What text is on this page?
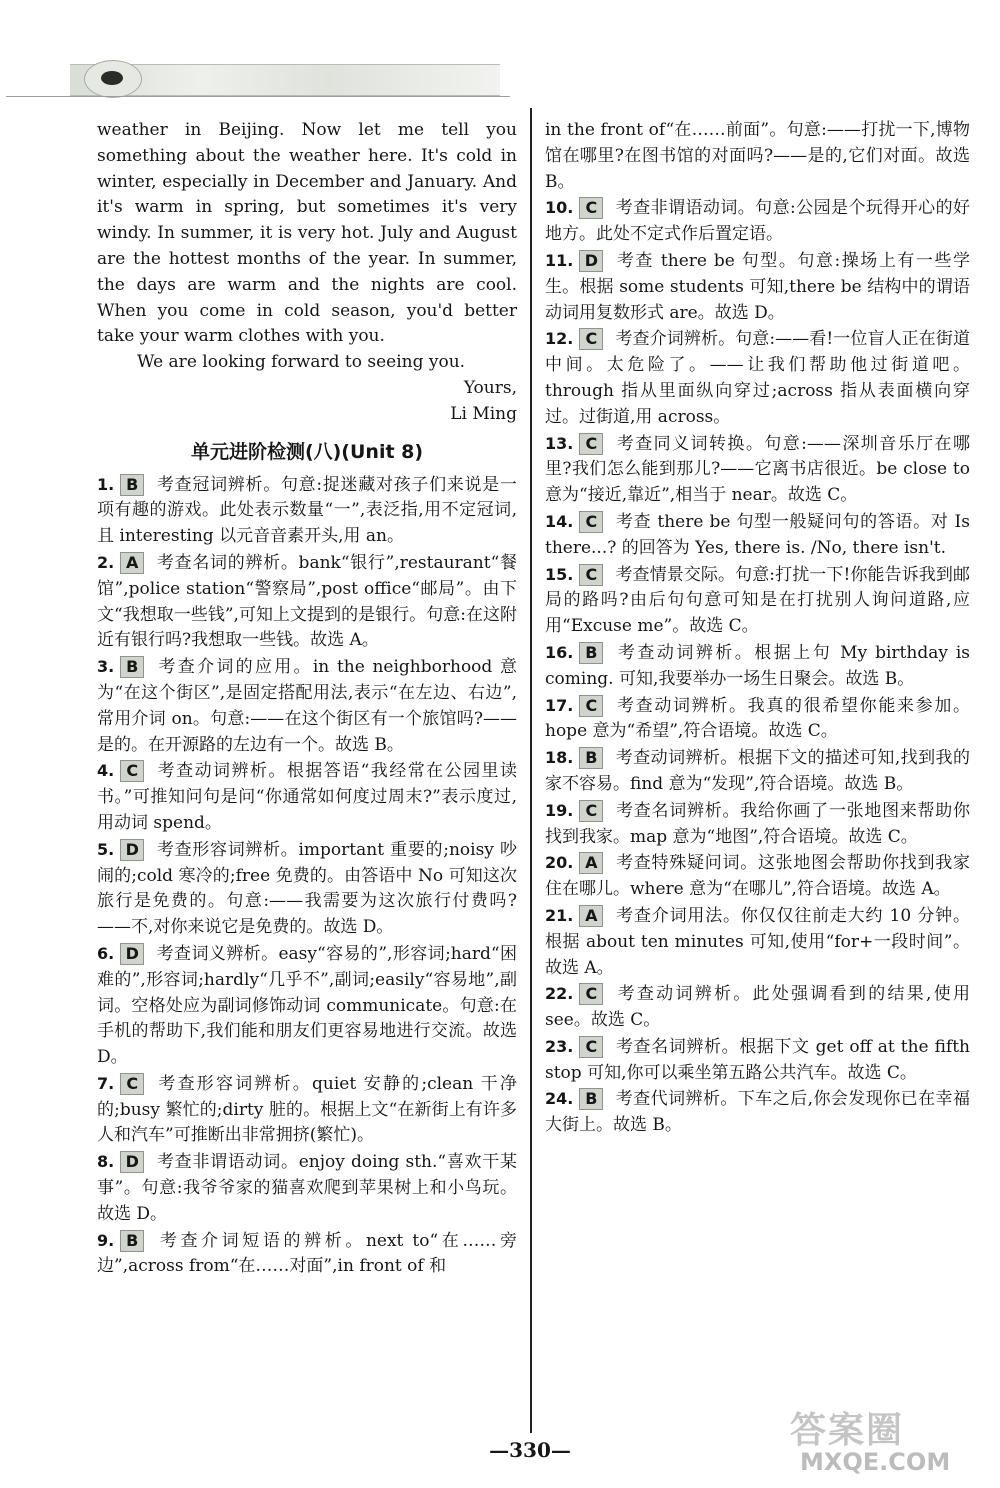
weather in Beijing. Now let me tell you something about the weather here. It's cold in winter, especially in December and January. And it's warm in spring, but sometimes it's very windy. In summer, it is very hot. July and August are the hottest months of the year. In summer, the days are warm and the nights are cool. When you come in cold season, you'd better take your warm clothes with you.

We are looking forward to seeing you.

Yours,

Li Ming

单元进阶检测(八)(Unit 8)

1. B 考查冠词辨析。句意:捉迷藏对孩子们来说是一项有趣的游戏。此处表示数量“一”,表泛指,用不定冠词,且 interesting 以元音音素开头,用 an。

2. A 考查名词的辨析。bank“银行”,restaurant“餐馆”,police station“警察局”,post office“邮局”。由下文“我想取一些钱”,可知上文提到的是银行。句意:在这附近有银行吗?我想取一些钱。故选 A。

3. B 考查介词的应用。in the neighborhood 意为“在这个街区”,是固定搭配用法,表示“在左边、右边”,常用介词 on。句意:——在这个街区有一个旅馆吗?——是的。在开源路的左边有一个。故选 B。

4. C 考查动词辨析。根据答语“我经常在公园里读书。”可推知问句是问“你通常如何度过周末?”表示度过,用动词 spend。

5. D 考查形容词辨析。important 重要的;noisy 吵闹的;cold 寒冷的;free 免费的。由答语中 No 可知这次旅行是免费的。句意:——我需要为这次旅行付费吗?——不,对你来说它是免费的。故选 D。

6. D 考查词义辨析。easy“容易的”,形容词;hard“困难的”,形容词;hardly“几乎不”,副词;easily“容易地”,副词。空格处应为副词修饰动词 communicate。句意:在手机的帮助下,我们能和朋友们更容易地进行交流。故选 D。

7. C 考查形容词辨析。quiet 安静的;clean 干净的;busy 繁忙的;dirty 脏的。根据上文“在新街上有许多人和汽车”可推断出非常拥挤(繁忙)。

8. D 考查非谓语动词。enjoy doing sth.“喜欢干某事”。句意:我爷爷家的猫喜欢爬到苹果树上和小鸟玩。故选 D。

9. B 考查介词短语的辨析。next to“在……旁边”,across from“在……对面”,in front of 和

in the front of“在……前面”。句意:——打扰一下,博物馆在哪里?在图书馆的对面吗?——是的,它们对面。故选 B。

10. C 考查非谓语动词。句意:公园是个玩得开心的好地方。此处不定式作后置定语。

11. D 考查 there be 句型。句意:操场上有一些学生。根据 some students 可知,there be 结构中的谓语动词用复数形式 are。故选 D。

12. C 考查介词辨析。句意:——看!一位盲人正在街道中间。太危险了。——让我们帮助他过街道吧。through 指从里面纵向穿过;across 指从表面横向穿过。过街道,用 across。

13. C 考查同义词转换。句意:——深圳音乐厅在哪里?我们怎么能到那儿?——它离书店很近。be close to 意为“接近,靠近”,相当于 near。故选 C。

14. C 考查 there be 句型一般疑问句的答语。对 Is there...? 的回答为 Yes, there is. /No, there isn't.

15. C 考查情景交际。句意:打扰一下!你能告诉我到邮局的路吗?由后句句意可知是在打扰别人询问道路,应用“Excuse me”。故选 C。

16. B 考查动词辨析。根据上句 My birthday is coming. 可知,我要举办一场生日聚会。故选 B。

17. C 考查动词辨析。我真的很希望你能来参加。hope 意为“希望”,符合语境。故选 C。

18. B 考查动词辨析。根据下文的描述可知,找到我的家不容易。find 意为“发现”,符合语境。故选 B。

19. C 考查名词辨析。我给你画了一张地图来帮助你找到我家。map 意为“地图”,符合语境。故选 C。

20. A 考查特殊疑问词。这张地图会帮助你找到我家住在哪儿。where 意为“在哪儿”,符合语境。故选 A。

21. A 考查介词用法。你仅仅往前走大约 10 分钟。根据 about ten minutes 可知,使用“for+一段时间”。故选 A。

22. C 考查动词辨析。此处强调看到的结果,使用 see。故选 C。

23. C 考查名词辨析。根据下文 get off at the fifth stop 可知,你可以乘坐第五路公共汽车。故选 C。

24. B 考查代词辨析。下车之后,你会发现你已在幸福大街上。故选 B。

—330—	答案圈
MXQE.COM
